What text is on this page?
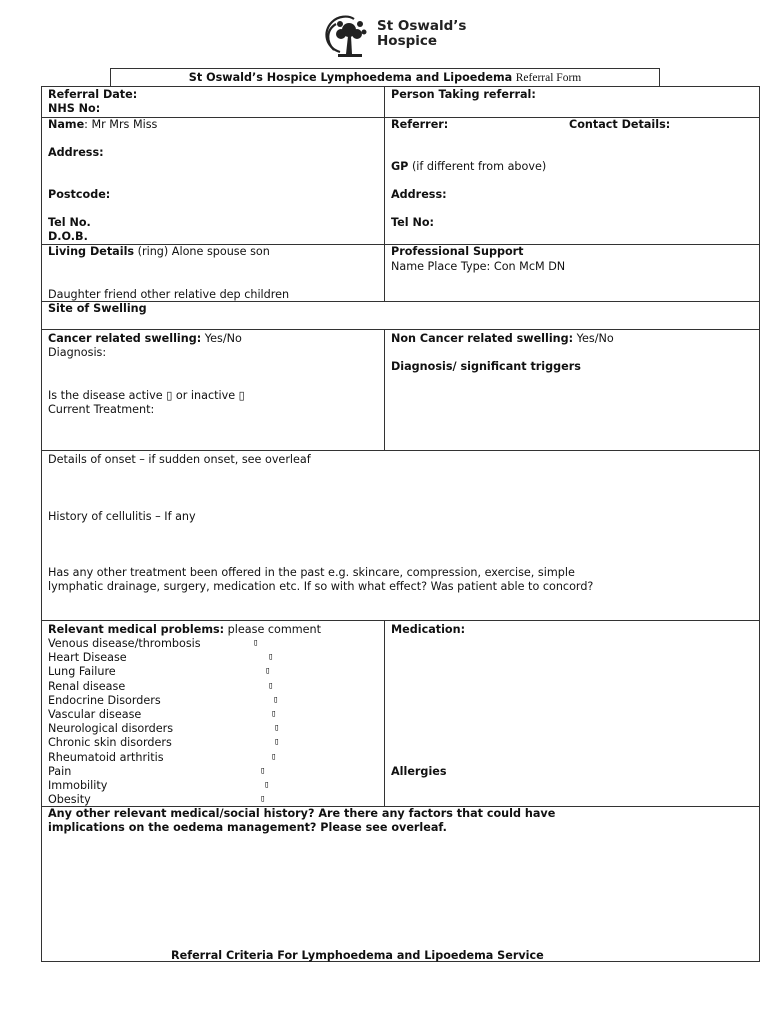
St Oswald’s
Hospice
St Oswald’s Hospice Lymphoedema and Lipoedema Referral Form
Referral Date:
NHS No:
Person Taking referral:
Name: Mr Mrs Miss
Address:
Postcode:
Tel No.
D.O.B.
Referrer:	Contact Details:
GP (if different from above)
Address:
Tel No:
Living Details (ring) Alone spouse son
Daughter friend other relative dep children
Professional Support
Name Place Type: Con McM DN
Site of Swelling
Cancer related swelling: Yes/No
Diagnosis:
Is the disease active ▯ or inactive ▯
Current Treatment:
Non Cancer related swelling: Yes/No
Diagnosis/ significant triggers
Details of onset – if sudden onset, see overleaf
History of cellulitis – If any
Has any other treatment been offered in the past e.g. skincare, compression, exercise, simple
lymphatic drainage, surgery, medication etc. If so with what effect? Was patient able to concord?
Relevant medical problems: please comment
Venous disease/thrombosis	▯
Heart Disease	▯
Lung Failure	▯
Renal disease	▯
Endocrine Disorders	▯
Vascular disease	▯
Neurological disorders	▯
Chronic skin disorders	▯
Rheumatoid arthritis	▯
Pain	▯
Immobility	▯
Obesity	▯
Medication:
Allergies
Any other relevant medical/social history? Are there any factors that could have
implications on the oedema management? Please see overleaf.
Referral Criteria For Lymphoedema and Lipoedema Service
